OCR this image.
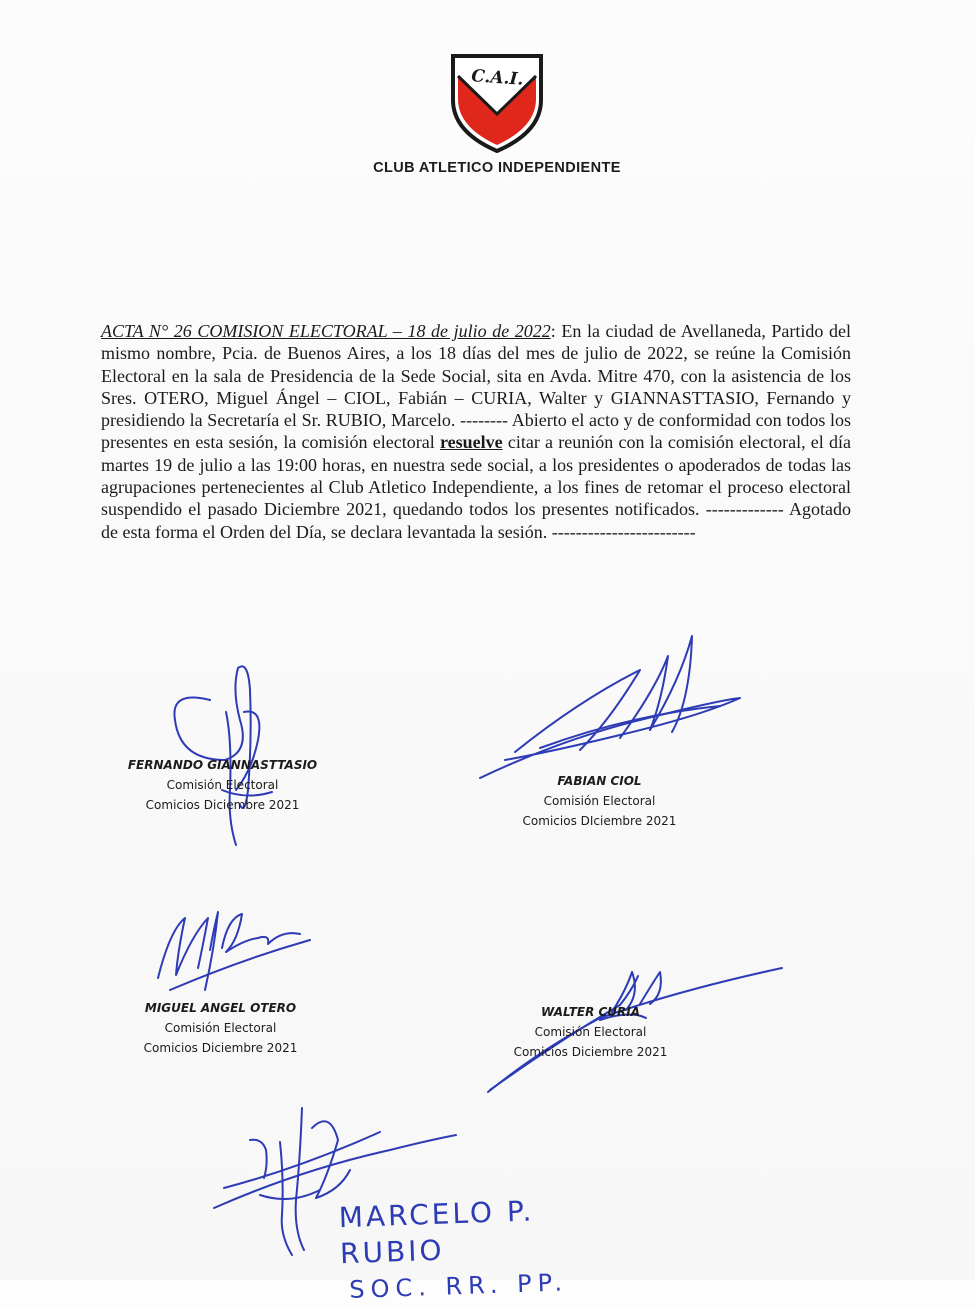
C.A.I.
CLUB ATLETICO INDEPENDIENTE
ACTA N° 26 COMISION ELECTORAL – 18 de julio de 2022: En la ciudad de Avellaneda, Partido del mismo nombre, Pcia. de Buenos Aires, a los 18 días del mes de julio de 2022, se reúne la Comisión Electoral en la sala de Presidencia de la Sede Social, sita en Avda. Mitre 470, con la asistencia de los Sres. OTERO, Miguel Ángel – CIOL, Fabián – CURIA, Walter y GIANNASTTASIO, Fernando y presidiendo la Secretaría el Sr. RUBIO, Marcelo. -------- Abierto el acto y de conformidad con todos los presentes en esta sesión, la comisión electoral resuelve citar a reunión con la comisión electoral, el día martes 19 de julio a las 19:00 horas, en nuestra sede social, a los presidentes o apoderados de todas las agrupaciones pertenecientes al Club Atletico Independiente, a los fines de retomar el proceso electoral suspendido el pasado Diciembre 2021, quedando todos los presentes notificados. ------------- Agotado de esta forma el Orden del Día, se declara levantada la sesión. ------------------------
FERNANDO GIANNASTTASIO
Comisión Electoral
Comicios Diciembre 2021
FABIAN CIOL
Comisión Electoral
Comicios DIciembre 2021
MIGUEL ANGEL OTERO
Comisión Electoral
Comicios Diciembre 2021
WALTER CURIA
Comisión Electoral
Comicios Diciembre 2021
MARCELO P. RUBIO
SOC. RR. PP.
